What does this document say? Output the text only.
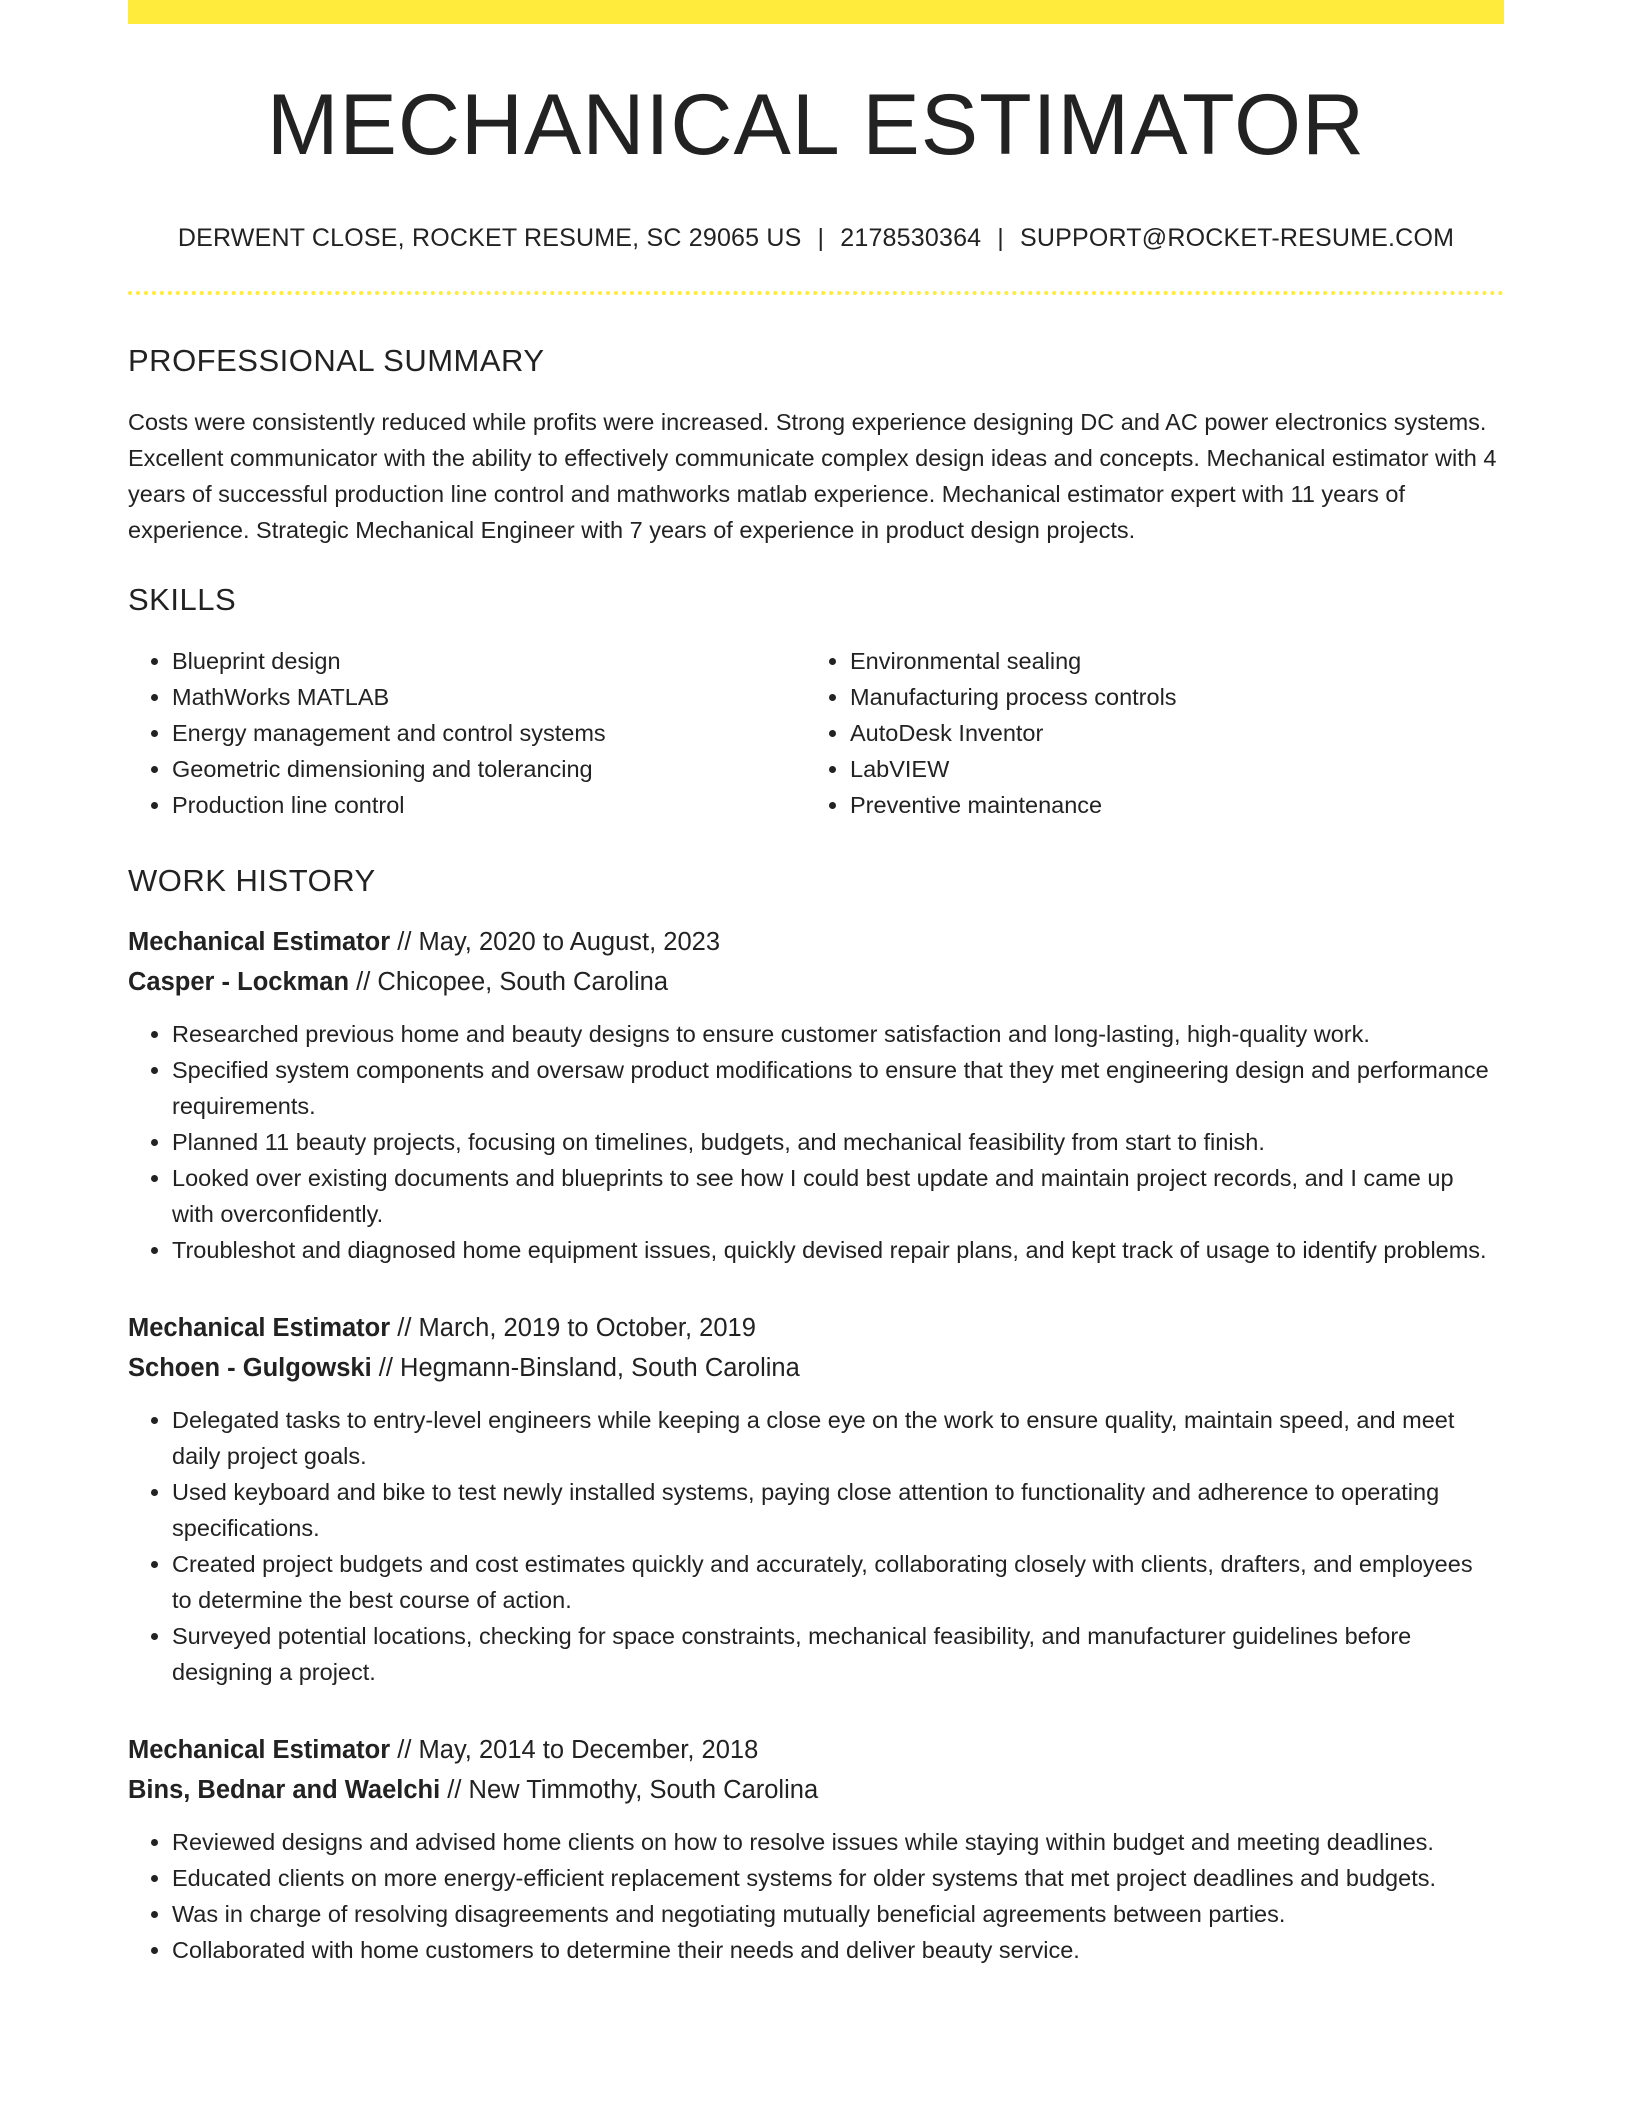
MECHANICAL ESTIMATOR
DERWENT CLOSE, ROCKET RESUME, SC 29065 US | 2178530364 | SUPPORT@ROCKET-RESUME.COM
PROFESSIONAL SUMMARY

Costs were consistently reduced while profits were increased. Strong experience designing DC and AC power electronics systems. Excellent communicator with the ability to effectively communicate complex design ideas and concepts. Mechanical estimator with 4 years of successful production line control and mathworks matlab experience. Mechanical estimator expert with 11 years of experience. Strategic Mechanical Engineer with 7 years of experience in product design projects.

SKILLS
• Blueprint design
• MathWorks MATLAB
• Energy management and control systems
• Geometric dimensioning and tolerancing
• Production line control
• Environmental sealing
• Manufacturing process controls
• AutoDesk Inventor
• LabVIEW
• Preventive maintenance
WORK HISTORY
Mechanical Estimator // May, 2020 to August, 2023
Casper - Lockman // Chicopee, South Carolina
• Researched previous home and beauty designs to ensure customer satisfaction and long-lasting, high-quality work.
• Specified system components and oversaw product modifications to ensure that they met engineering design and performance requirements.
• Planned 11 beauty projects, focusing on timelines, budgets, and mechanical feasibility from start to finish.
• Looked over existing documents and blueprints to see how I could best update and maintain project records, and I came up with overconfidently.
• Troubleshot and diagnosed home equipment issues, quickly devised repair plans, and kept track of usage to identify problems.
Mechanical Estimator // March, 2019 to October, 2019
Schoen - Gulgowski // Hegmann-Binsland, South Carolina
• Delegated tasks to entry-level engineers while keeping a close eye on the work to ensure quality, maintain speed, and meet daily project goals.
• Used keyboard and bike to test newly installed systems, paying close attention to functionality and adherence to operating specifications.
• Created project budgets and cost estimates quickly and accurately, collaborating closely with clients, drafters, and employees to determine the best course of action.
• Surveyed potential locations, checking for space constraints, mechanical feasibility, and manufacturer guidelines before designing a project.
Mechanical Estimator // May, 2014 to December, 2018
Bins, Bednar and Waelchi // New Timmothy, South Carolina
• Reviewed designs and advised home clients on how to resolve issues while staying within budget and meeting deadlines.
• Educated clients on more energy-efficient replacement systems for older systems that met project deadlines and budgets.
• Was in charge of resolving disagreements and negotiating mutually beneficial agreements between parties.
• Collaborated with home customers to determine their needs and deliver beauty service.
